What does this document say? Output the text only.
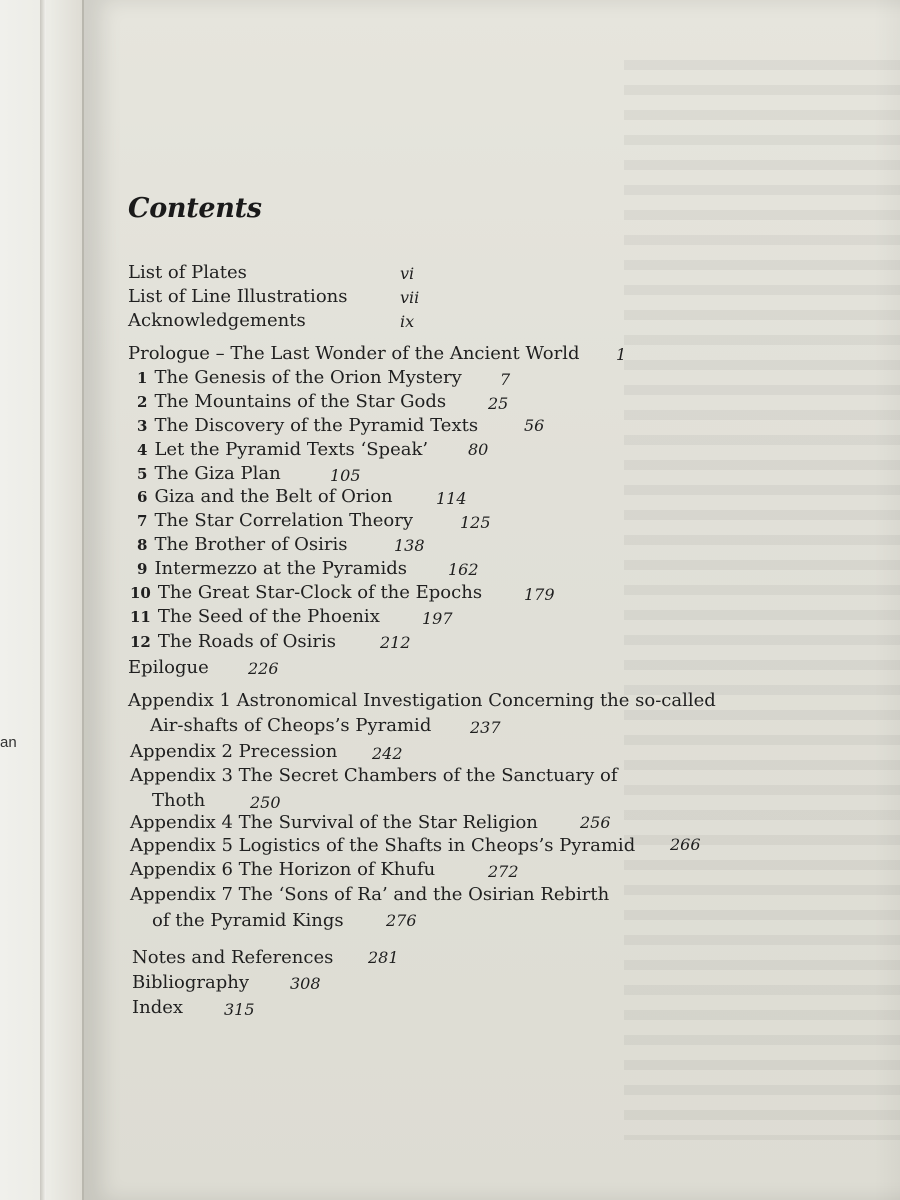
an
Contents
List of Plates	vi
List of Line Illustrations	vii
Acknowledgements	ix
Prologue – The Last Wonder of the Ancient World 1
1 The Genesis of the Orion Mystery 7
2 The Mountains of the Star Gods	25
3 The Discovery of the Pyramid Texts	56
4 Let the Pyramid Texts ‘Speak’ 80
5 The Giza Plan	105
6 Giza and the Belt of Orion	114
7 The Star Correlation Theory	125
8 The Brother of Osiris	138
9 Intermezzo at the Pyramids	162
10 The Great Star-Clock of the Epochs	179
11 The Seed of the Phoenix	197
12 The Roads of Osiris	212
Epilogue 226
Appendix 1 Astronomical Investigation Concerning the so-called
Air-shafts of Cheops’s Pyramid 237
Appendix 2 Precession 242
Appendix 3 The Secret Chambers of the Sanctuary of
Thoth	250
Appendix 4 The Survival of the Star Religion	256
Appendix 5 Logistics of the Shafts in Cheops’s Pyramid 266
Appendix 6 The Horizon of Khufu	272
Appendix 7 The ‘Sons of Ra’ and the Osirian Rebirth
of the Pyramid Kings	276
Notes and References 281
Bibliography	308
Index	315
